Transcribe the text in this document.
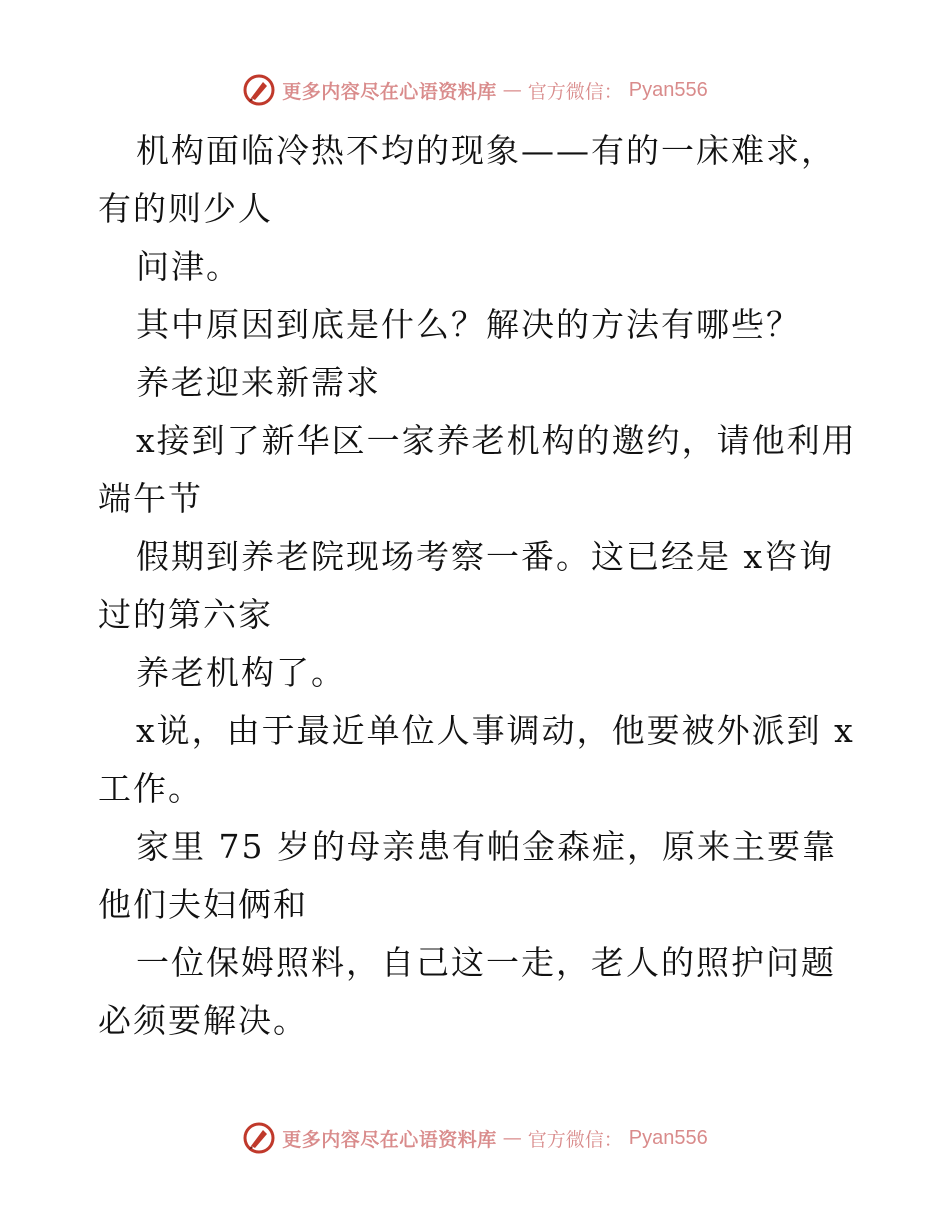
更多内容尽在心语资料库 — 官方微信： Pyan556

机构面临冷热不均的现象——有的一床难求，有的则少人

问津。

其中原因到底是什么？解决的方法有哪些？

养老迎来新需求

x接到了新华区一家养老机构的邀约，请他利用端午节

假期到养老院现场考察一番。这已经是 x咨询过的第六家

养老机构了。

x说，由于最近单位人事调动，他要被外派到 x工作。

家里 75 岁的母亲患有帕金森症，原来主要靠他们夫妇俩和

一位保姆照料，自己这一走，老人的照护问题必须要解决。

更多内容尽在心语资料库 — 官方微信： Pyan556
